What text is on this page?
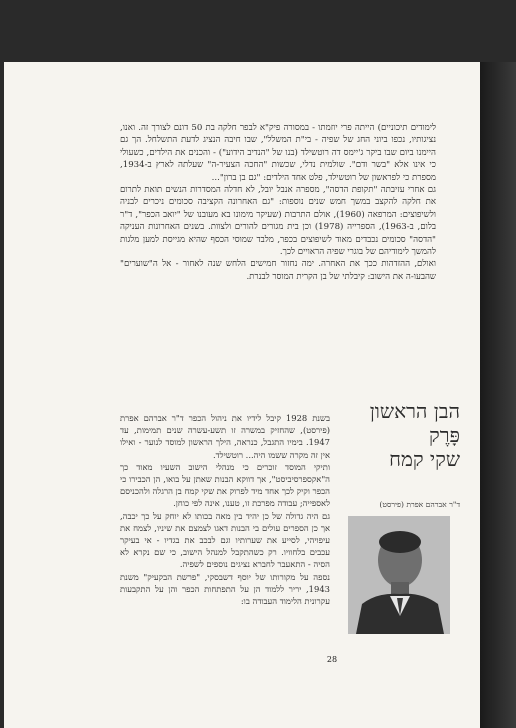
לימודים תיכוניים) הייתה פרי יוזמתו - במסורה פיק"א לבפר חלקה בת 50 דונם לצורך זה. ואנו, נציגותיו, נכפו ביוני החג של שפיה - בי"ת המשלל", שבו חיבה הנציג לדעת התשלחל. הך גם היימנו ביום שבו ביקר ג'יימס דה רוטשילד (בנו של "הנדיב הידוע") - והכנים את הילדים, כשעולי כי אינו אלא "בשר ודם". שולמית נדלי, שכשות "החכה הצעיר-ה" שעלתה לארץ ב-1934, מספרת כי לפראשון של רוטשילד, פלט אחד הילדים: "גם בן ברון"...

גם אחרי עזיבתה "תקופת הדסה", מספרה אנבל יובל, לא חדלה המסדרות הנשים תואת לתרום את חלקה להקצב במשך חמש שנים נוספות: "גם האחרונה הקציבה סכומים ניכרים לבניה ולשיפוצים: המרפאה (1960), אולם התרבות (שעיקר מימונו בא מעובנו של "יואב הכפר", ד"ר בלום, ב-1963), הספרייה (1978) וכן בית מגורים להורים ולצוות. בשנים האחרונות העניקה "הדסה" סכומים נכבדים מאוד לשיפוצים בכפר, מלבד שמוסי הכסף שהיא מגייסת למען מלגות להמשך לימודיהם של בוגרי שפיה הראויים לכך.

ואולם, ההזדהות ככך את האחרה. ימה נחזור חמישים הלחש שנה לאחור - אל ה"שוערים" שהבעו-ה את הישוב: קיבלתי של בן הקרית המוסר לבנרת.

הבן הראשון
פָּרֶק
שקי קמח
ד"ר אברהם אפרת (פירסט)

בשנת 1928 קיבל לידיו את ניהול הכפר ד"ר אברהם אפרת (פירסט), שהחזיק במשרה זו תשע-עשרה שנים תמימות, עד 1947. בימיו התגבל, כנראה, הילך הראשון למוסד לנוער - ואילו אין זה מקרה ששמו היה... רוטשילד.

ותיקי המוסד זוכרים כי מנהלי הישוב השעיו מאוד כך ה"אקספרסיביסט", אך דווקא הבנות שאתן על בואו, הן הכבירו כי הכפר וקיק לכך אחד מיד לפרוק את שקי קמח בן הרגלה ולהכניסם לאספייה; עבודה מפרכת זו, טענו, אינה לפי כוחן.

גם היה גדולה של כן יהיד בין מאה בכותו לא יוחק על כך יכבה, אך כן הספרים עולים בי הבנות דאגו לצמצם את שיניו, לצמח את עיפויהי, לסייע את שערותיו וגם לבכב את בגדיו - אי בעיקר עכבים בלחוויו. רק כשהתקבל למנהל הישוב, כי שם נקרא לא הסיה - התאעבר לחברא נציגים נוספים לשפיה.

נספה על מקורותו של יוסף דשבסקי, "פרשת הבקעיק" משנת 1943, יריר ללמוד הן על התפתחות הכפר והן על התקבעות עקרונית הלימוד העבודה בו:

28
